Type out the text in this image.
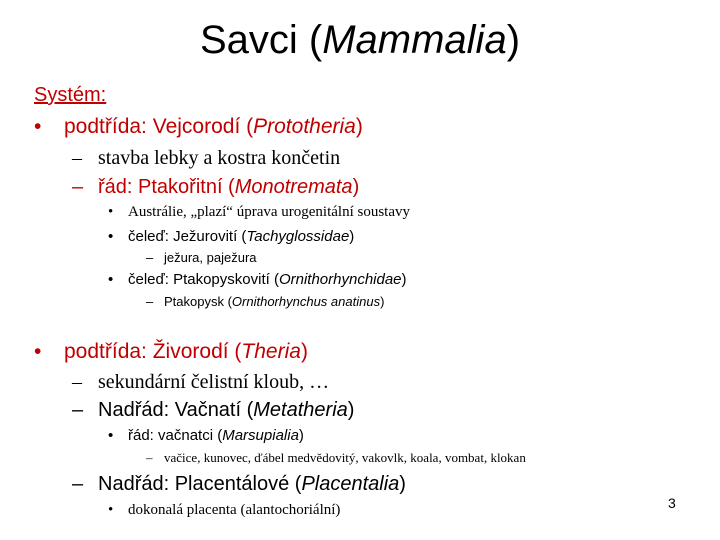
Savci (Mammalia)
Systém:
• podtřída: Vejcorodí (Prototheria)
– stavba lebky a kostra končetin
– řád: Ptakořitní (Monotremata)
• Austrálie, „plazí“ úprava urogenitální soustavy
• čeleď: Ježurovití (Tachyglossidae)
– ježura, paježura
• čeleď: Ptakopyskovití (Ornithorhynchidae)
– Ptakopysk (Ornithorhynchus anatinus)
• podtřída: Živorodí (Theria)
– sekundární čelistní kloub, …
– Nadřád: Vačnatí (Metatheria)
• řád: vačnatci (Marsupialia)
– vačice, kunovec, ďábel medvědovitý, vakovlk, koala, vombat, klokan
– Nadřád: Placentálové (Placentalia)
• dokonalá placenta (alantochoriální)	3
